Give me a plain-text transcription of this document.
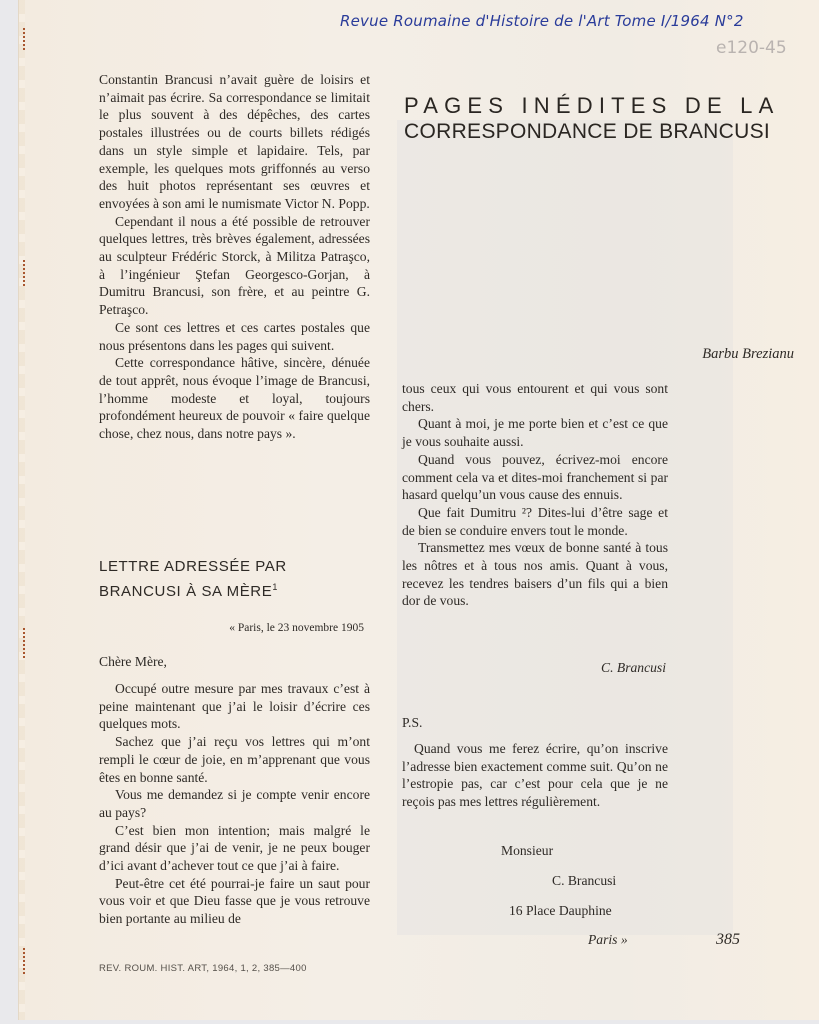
Revue Roumaine d'Histoire de l'Art Tome I/1964 N°2
e120-45

Constantin Brancusi n’avait guère de loisirs et n’aimait pas écrire. Sa correspondance se limitait le plus souvent à des dépêches, des cartes postales illustrées ou de courts billets rédigés dans un style simple et lapidaire. Tels, par exemple, les quelques mots griffonnés au verso des huit photos représentant ses œuvres et envoyées à son ami le numismate Victor N. Popp.

Cependant il nous a été possible de retrouver quelques lettres, très brèves également, adressées au sculpteur Frédéric Storck, à Militza Patraşco, à l’ingénieur Ştefan Georgesco-Gorjan, à Dumitru Brancusi, son frère, et au peintre G. Petraşco.

Ce sont ces lettres et ces cartes postales que nous présentons dans les pages qui suivent.

Cette correspondance hâtive, sincère, dénuée de tout apprêt, nous évoque l’image de Brancusi, l’homme modeste et loyal, toujours profondément heureux de pouvoir « faire quelque chose, chez nous, dans notre pays ».

PAGES INÉDITES DE LA
CORRESPONDANCE DE BRANCUSI
Barbu Brezianu
LETTRE ADRESSÉE PAR
BRANCUSI À SA MÈRE$^1$
« Paris, le 23 novembre 1905
Chère Mère,

Occupé outre mesure par mes travaux c’est à peine maintenant que j’ai le loisir d’écrire ces quelques mots.

Sachez que j’ai reçu vos lettres qui m’ont rempli le cœur de joie, en m’apprenant que vous êtes en bonne santé.

Vous me demandez si je compte venir encore au pays?

C’est bien mon intention; mais malgré le grand désir que j’ai de venir, je ne peux bouger d’ici avant d’achever tout ce que j’ai à faire.

Peut-être cet été pourrai-je faire un saut pour vous voir et que Dieu fasse que je vous retrouve bien portante au milieu de

REV. ROUM. HIST. ART, 1964, 1, 2, 385—400

tous ceux qui vous entourent et qui vous sont chers.

Quant à moi, je me porte bien et c’est ce que je vous souhaite aussi.

Quand vous pouvez, écrivez-moi encore comment cela va et dites-moi franchement si par hasard quelqu’un vous cause des ennuis.

Que fait Dumitru ²? Dites-lui d’être sage et de bien se conduire envers tout le monde.

Transmettez mes vœux de bonne santé à tous les nôtres et à tous nos amis. Quant à vous, recevez les tendres baisers d’un fils qui a bien dor de vous.

C. Brancusi
P.S.

Quand vous me ferez écrire, qu’on inscrive l’adresse bien exactement comme suit. Qu’on ne l’estropie pas, car c’est pour cela que je ne reçois pas mes lettres régulièrement.

Monsieur
C. Brancusi
16 Place Dauphine
Paris »	385
